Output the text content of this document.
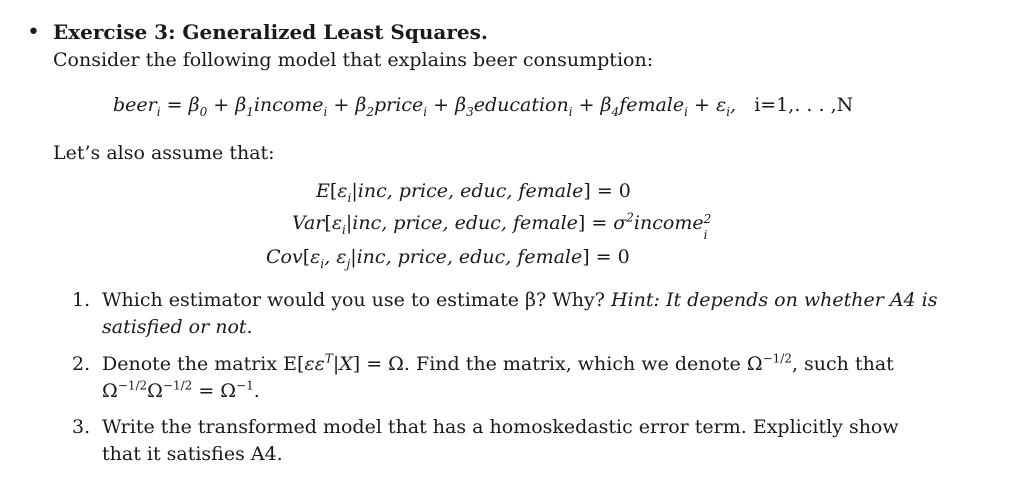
• Exercise 3: Generalized Least Squares.
Consider the following model that explains beer consumption:
beer$_i$ = $\beta_0$ + $\beta_1income_i$ + $\beta_2price_i$ + $\beta_3education_i$ + $\beta_4female_i + \varepsilon_i$,   i=1,. . . ,N
Let’s also assume that:
$E[\varepsilon_i|inc$, price, educ, female] = 0
$Var[\varepsilon_i|inc$, price, educ, female] = $\sigma^2income$ 2
i
$Cov[\varepsilon_i$, $\varepsilon_j|inc$, price, educ, female] = 0
1. Which estimator would you use to estimate β? Why? Hint: It depends on whether A4 is satisfied or not.
2. Denote the matrix $E[\varepsilon\varepsilon^T|X] = \Omega$. Find the matrix, which we denote $\Omega^{-1/2}$, such that $\Omega^{-1/2}\Omega^{-1/2} = \Omega^{-1}$.
3. Write the transformed model that has a homoskedastic error term. Explicitly show that it satisfies A4.
